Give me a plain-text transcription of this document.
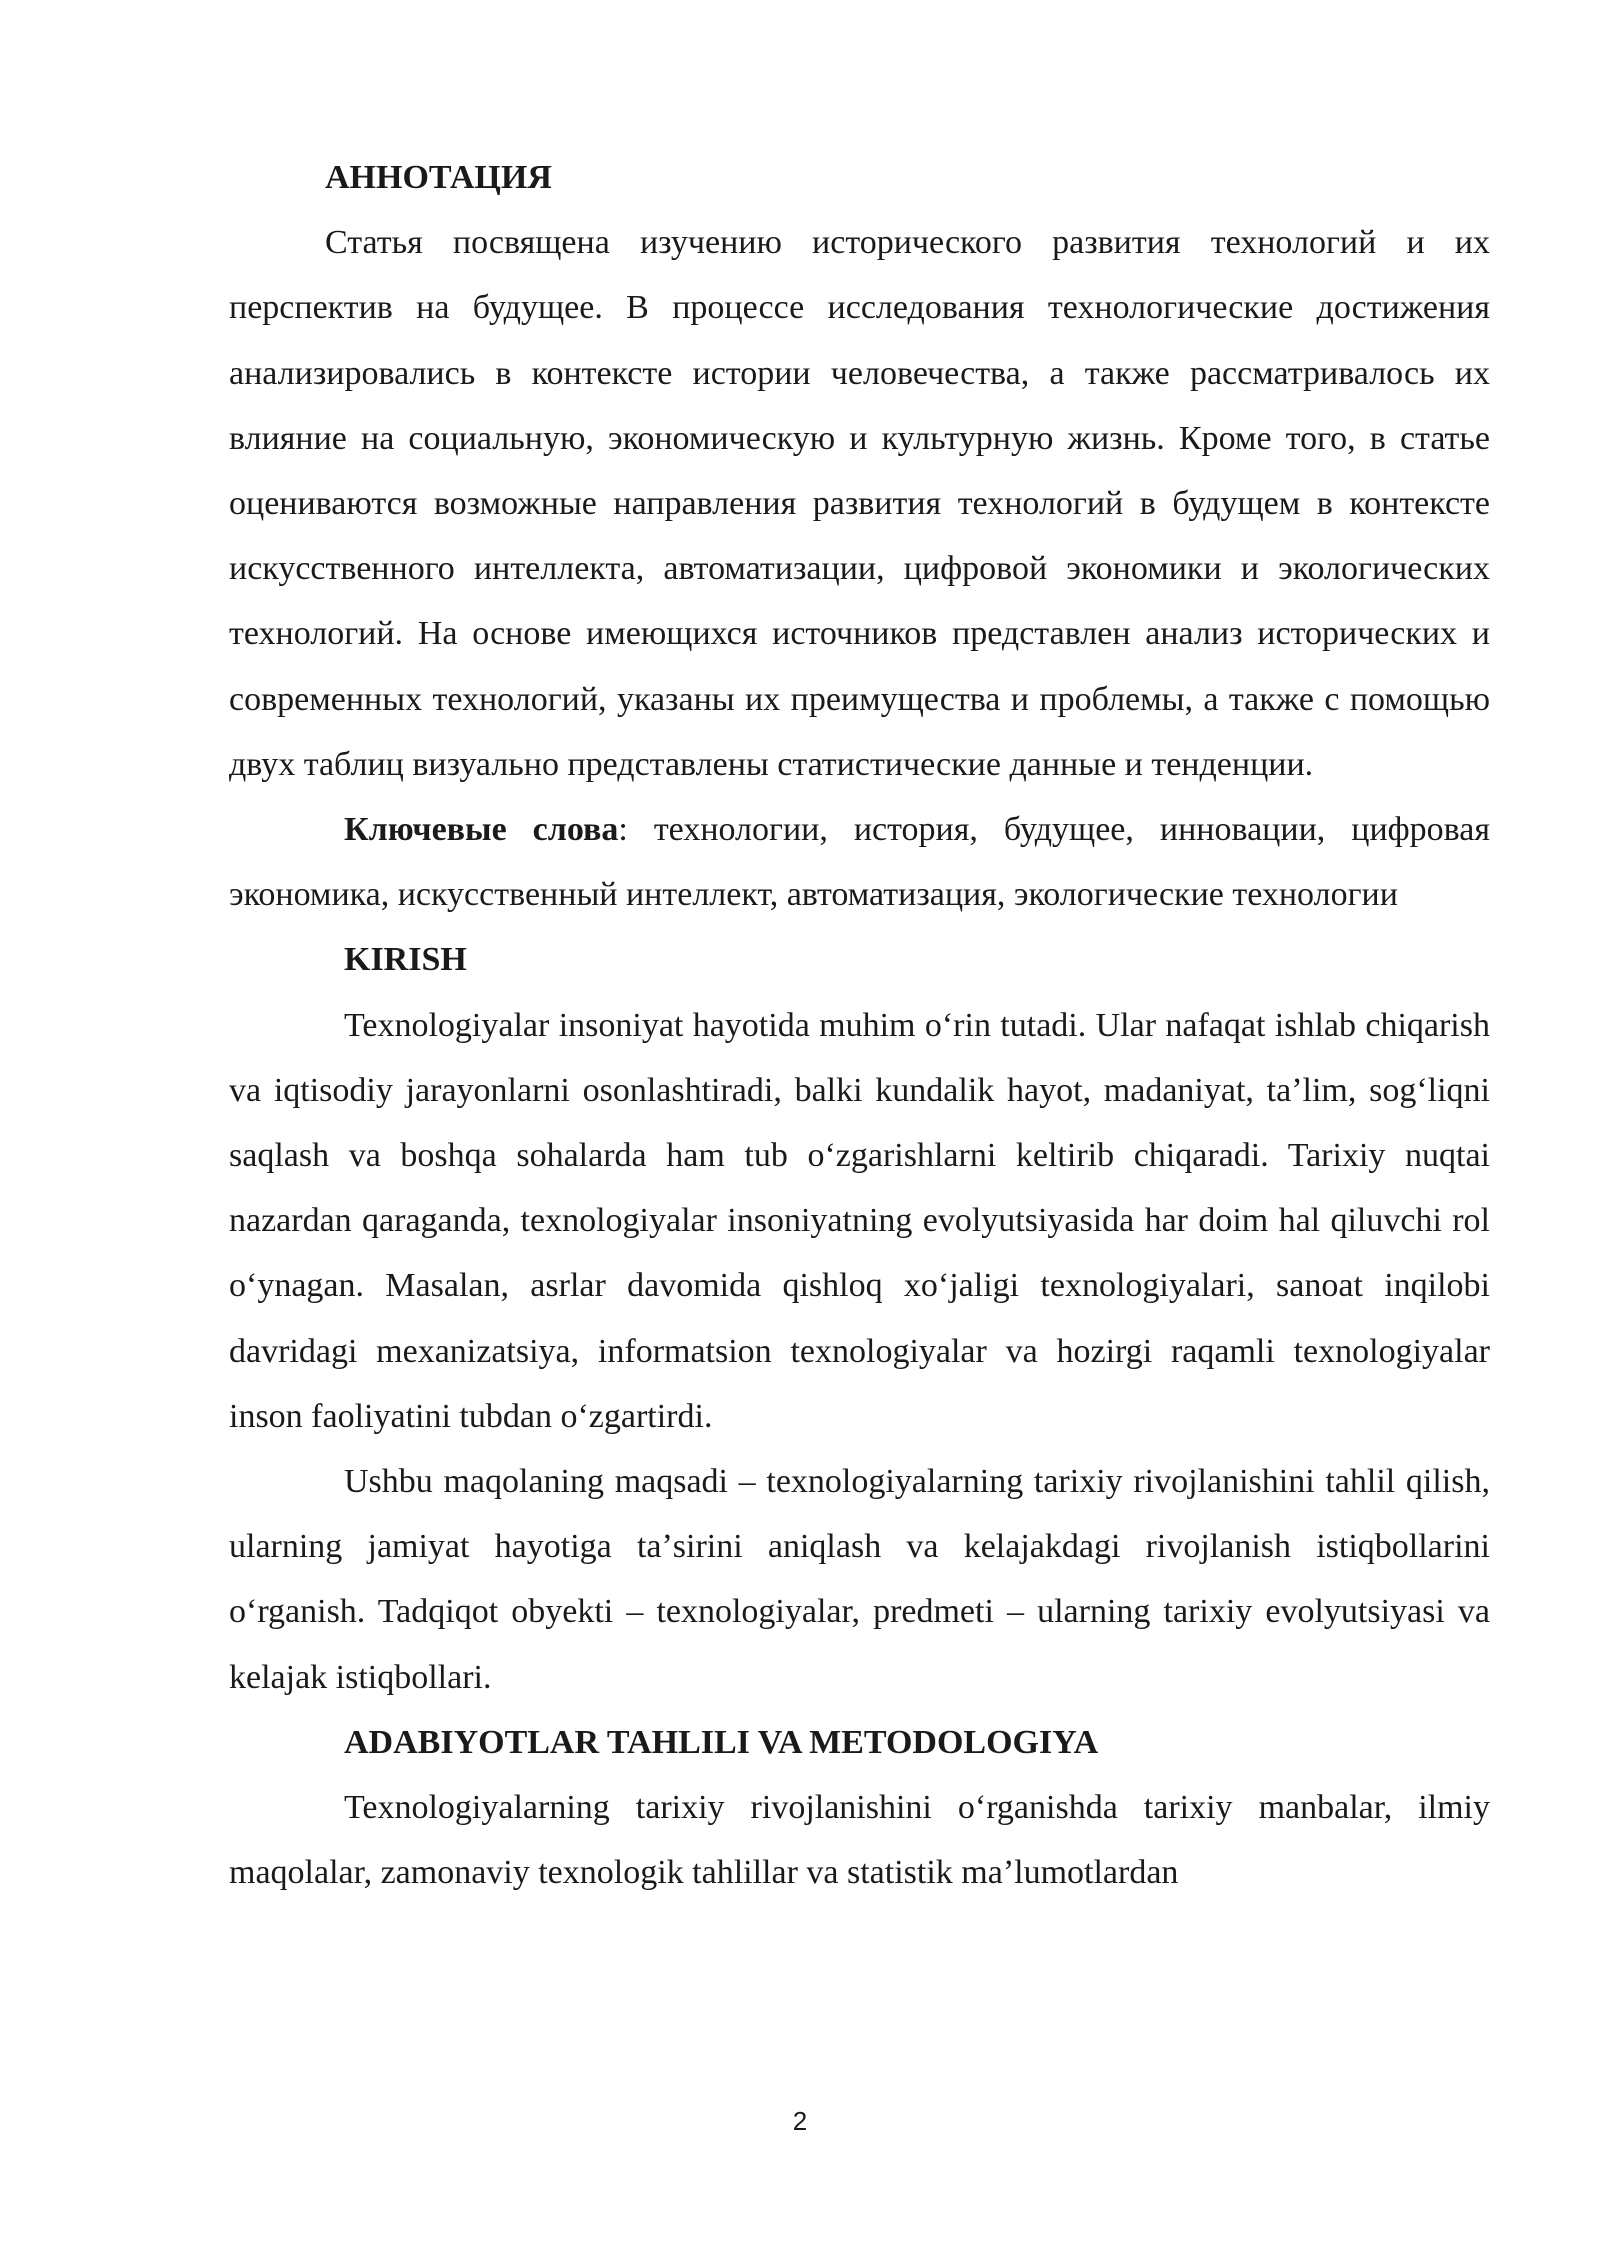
АННОТАЦИЯ

Статья посвящена изучению исторического развития технологий и их перспектив на будущее. В процессе исследования технологические достижения анализировались в контексте истории человечества, а также рассматривалось их влияние на социальную, экономическую и культурную жизнь. Кроме того, в статье оцениваются возможные направления развития технологий в будущем в контексте искусственного интеллекта, автоматизации, цифровой экономики и экологических технологий. На основе имеющихся источников представлен анализ исторических и современных технологий, указаны их преимущества и проблемы, а также с помощью двух таблиц визуально представлены статистические данные и тенденции.

Ключевые слова: технологии, история, будущее, инновации, цифровая экономика, искусственный интеллект, автоматизация, экологические технологии

KIRISH

Texnologiyalar insoniyat hayotida muhim oʻrin tutadi. Ular nafaqat ishlab chiqarish va iqtisodiy jarayonlarni osonlashtiradi, balki kundalik hayot, madaniyat, taʼlim, sogʻliqni saqlash va boshqa sohalarda ham tub oʻzgarishlarni keltirib chiqaradi. Tarixiy nuqtai nazardan qaraganda, texnologiyalar insoniyatning evolyutsiyasida har doim hal qiluvchi rol oʻynagan. Masalan, asrlar davomida qishloq xoʻjaligi texnologiyalari, sanoat inqilobi davridagi mexanizatsiya, informatsion texnologiyalar va hozirgi raqamli texnologiyalar inson faoliyatini tubdan oʻzgartirdi.

Ushbu maqolaning maqsadi – texnologiyalarning tarixiy rivojlanishini tahlil qilish, ularning jamiyat hayotiga taʼsirini aniqlash va kelajakdagi rivojlanish istiqbollarini oʻrganish. Tadqiqot obyekti – texnologiyalar, predmeti – ularning tarixiy evolyutsiyasi va kelajak istiqbollari.

ADABIYOTLAR TAHLILI VA METODOLOGIYA

Texnologiyalarning tarixiy rivojlanishini oʻrganishda tarixiy manbalar, ilmiy maqolalar, zamonaviy texnologik tahlillar va statistik maʼlumotlardan

2
